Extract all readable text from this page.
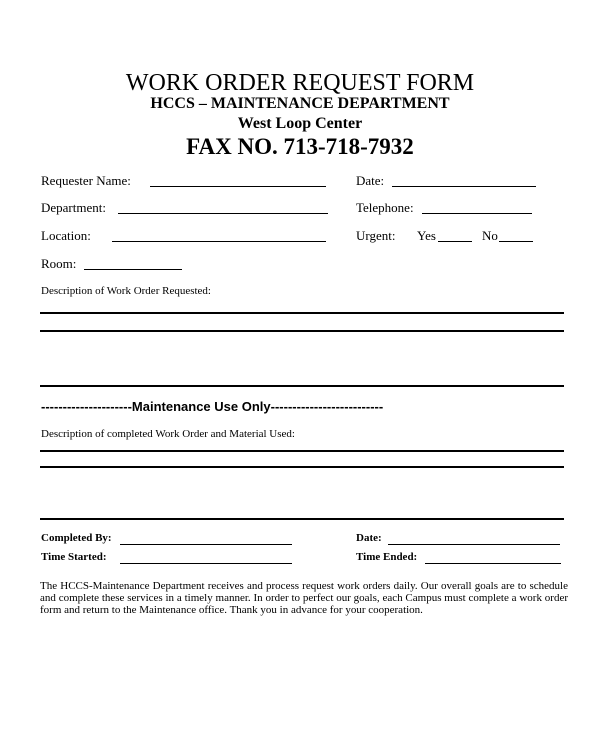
WORK ORDER REQUEST FORM
HCCS – MAINTENANCE DEPARTMENT
West Loop Center
FAX NO. 713-718-7932
Requester Name:	Date:
Department:	Telephone:
Location:	Urgent: Yes	No
Room:
Description of Work Order Requested:
---------------------Maintenance Use Only--------------------------
Description of completed Work Order and Material Used:
Completed By:	Date:
Time Started:	Time Ended:
The HCCS-Maintenance Department receives and process request work orders daily. Our overall goals are to schedule and complete these services in a timely manner. In order to perfect our goals, each Campus must complete a work order form and return to the Maintenance office. Thank you in advance for your cooperation.
